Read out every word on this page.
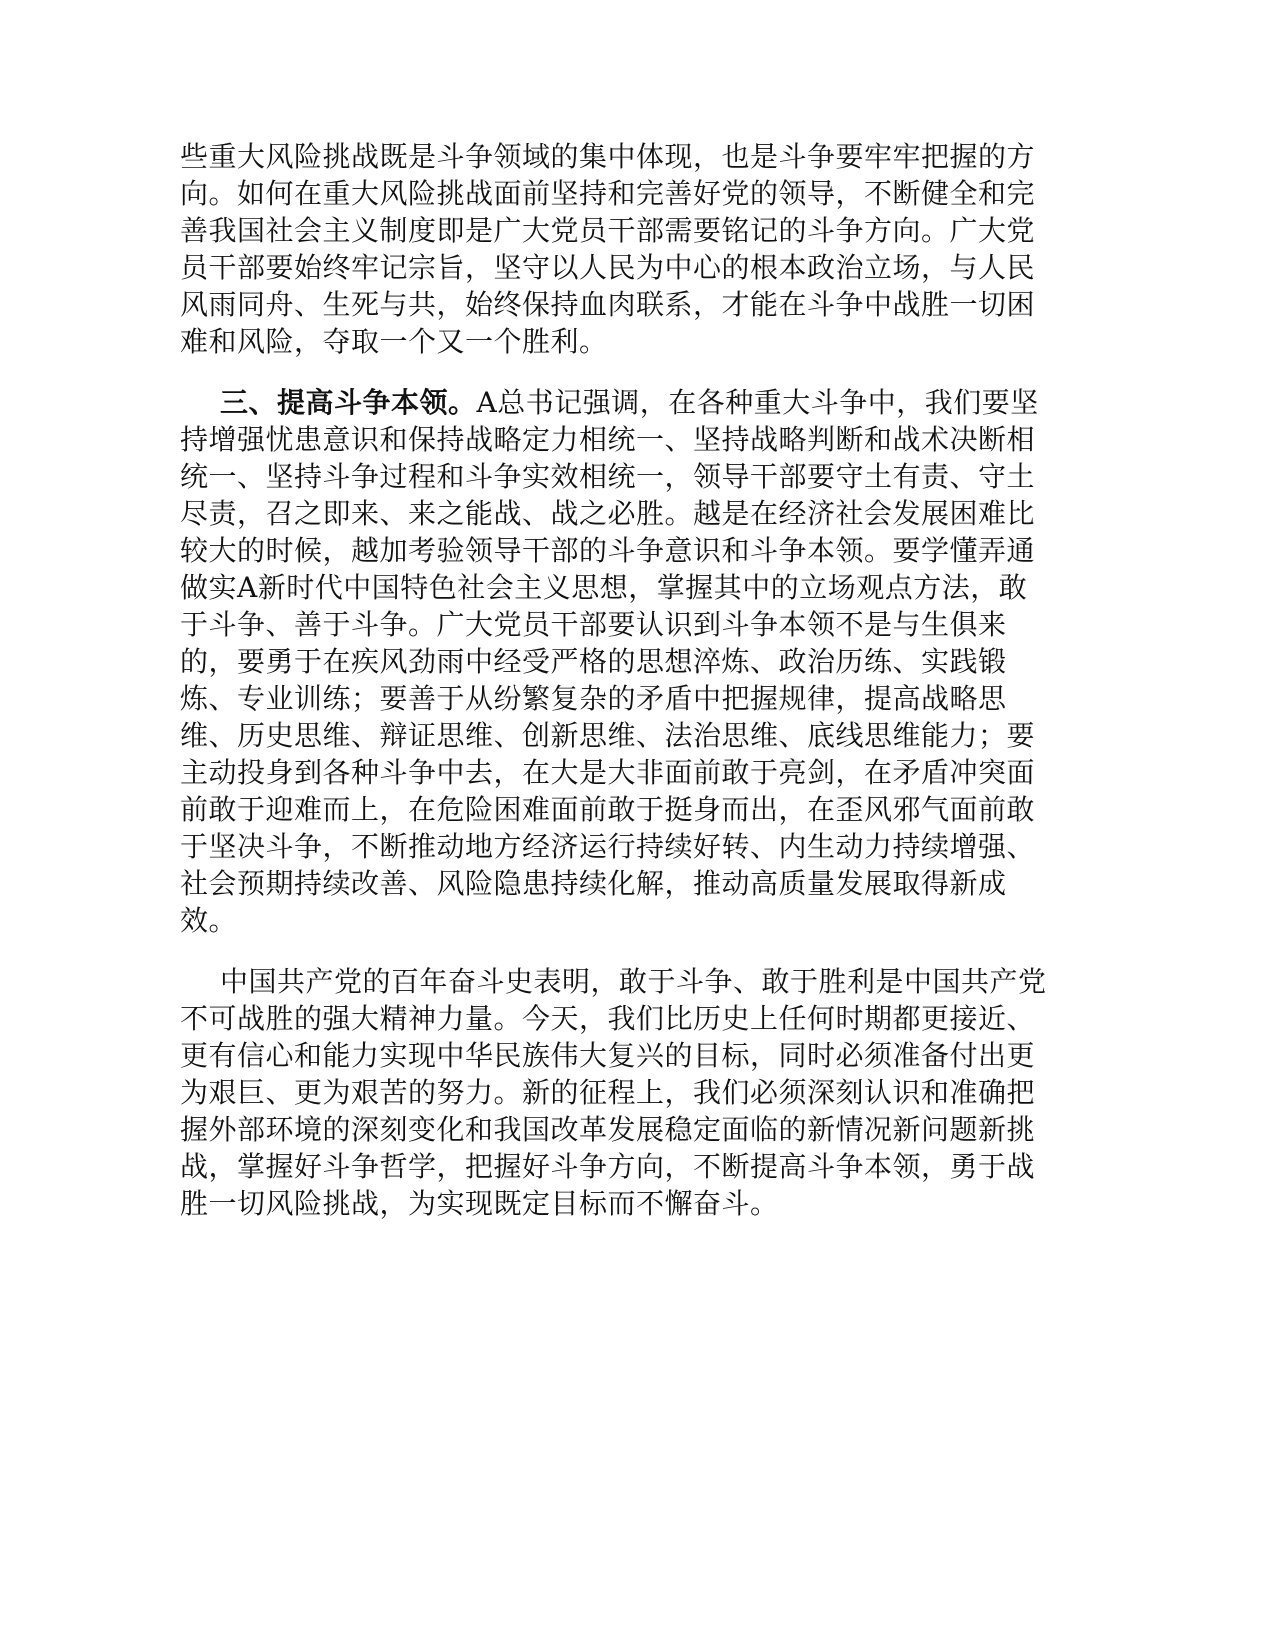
些重大风险挑战既是斗争领域的集中体现，也是斗争要牢牢把握的方
向。如何在重大风险挑战面前坚持和完善好党的领导，不断健全和完
善我国社会主义制度即是广大党员干部需要铭记的斗争方向。广大党
员干部要始终牢记宗旨，坚守以人民为中心的根本政治立场，与人民
风雨同舟、生死与共，始终保持血肉联系，才能在斗争中战胜一切困
难和风险，夺取一个又一个胜利。
三、提高斗争本领。A总书记强调，在各种重大斗争中，我们要坚
持增强忧患意识和保持战略定力相统一、坚持战略判断和战术决断相
统一、坚持斗争过程和斗争实效相统一，领导干部要守土有责、守土
尽责，召之即来、来之能战、战之必胜。越是在经济社会发展困难比
较大的时候，越加考验领导干部的斗争意识和斗争本领。要学懂弄通
做实A新时代中国特色社会主义思想，掌握其中的立场观点方法，敢
于斗争、善于斗争。广大党员干部要认识到斗争本领不是与生俱来
的，要勇于在疾风劲雨中经受严格的思想淬炼、政治历练、实践锻
炼、专业训练；要善于从纷繁复杂的矛盾中把握规律，提高战略思
维、历史思维、辩证思维、创新思维、法治思维、底线思维能力；要
主动投身到各种斗争中去，在大是大非面前敢于亮剑，在矛盾冲突面
前敢于迎难而上，在危险困难面前敢于挺身而出，在歪风邪气面前敢
于坚决斗争，不断推动地方经济运行持续好转、内生动力持续增强、
社会预期持续改善、风险隐患持续化解，推动高质量发展取得新成
效。
中国共产党的百年奋斗史表明，敢于斗争、敢于胜利是中国共产党
不可战胜的强大精神力量。今天，我们比历史上任何时期都更接近、
更有信心和能力实现中华民族伟大复兴的目标，同时必须准备付出更
为艰巨、更为艰苦的努力。新的征程上，我们必须深刻认识和准确把
握外部环境的深刻变化和我国改革发展稳定面临的新情况新问题新挑
战，掌握好斗争哲学，把握好斗争方向，不断提高斗争本领，勇于战
胜一切风险挑战，为实现既定目标而不懈奋斗。
